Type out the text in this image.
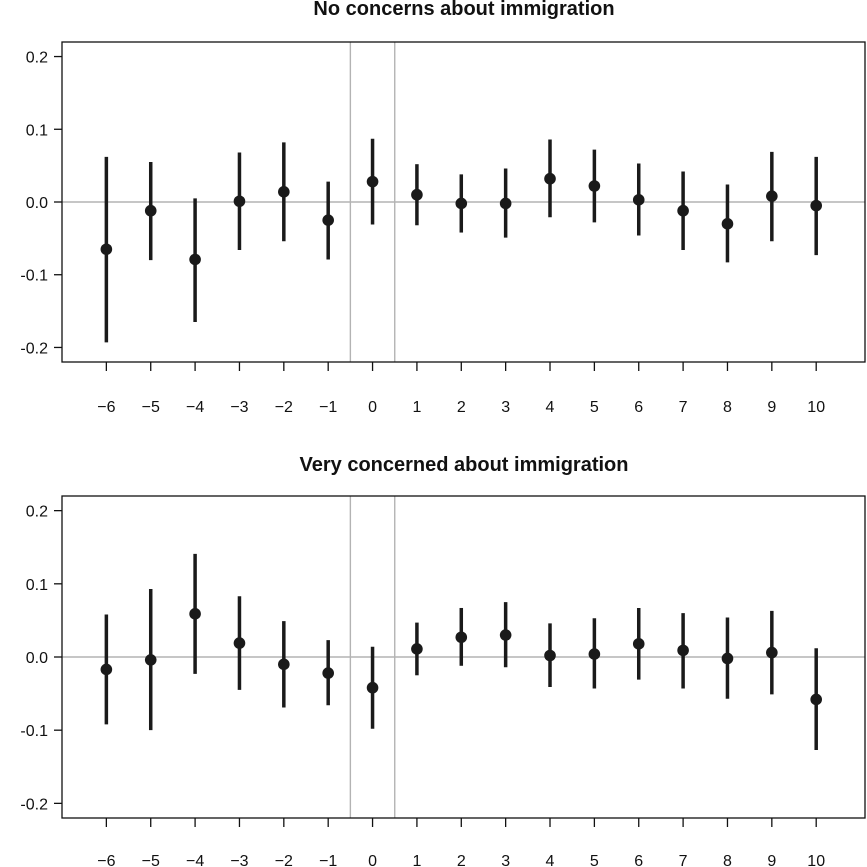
No concerns about immigration
-0.2
-0.1
0.0
0.1
0.2
−6 −5 −4 −3 −2 −1 0 1 2 3 4 5 6 7 8 9 10
Very concerned about immigration
-0.2
-0.1
0.0
0.1
0.2
−6 −5 −4 −3 −2 −1 0 1 2 3 4 5 6 7 8 9 10
